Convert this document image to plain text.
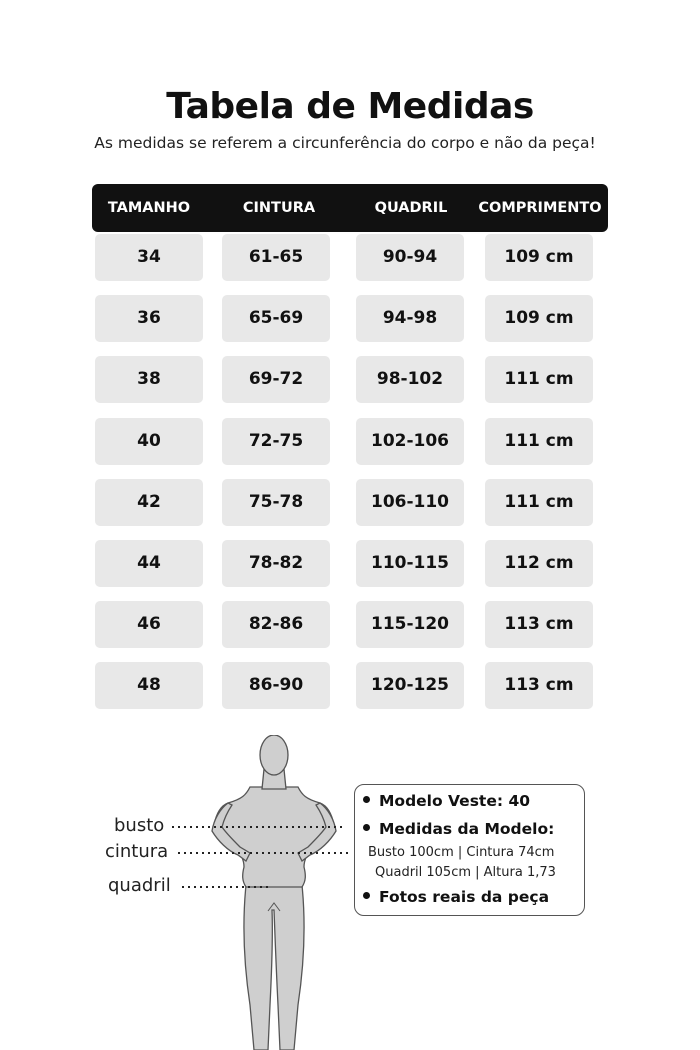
Tabela de Medidas
As medidas se referem a circunferência do corpo e não da peça!
TAMANHO	CINTURA	QUADRIL	COMPRIMENTO
34	61-65	90-94	109 cm
36	65-69	94-98	109 cm
38	69-72	98-102	111 cm
40	72-75	102-106	111 cm
42	75-78	106-110	111 cm
44	78-82	110-115	112 cm
46	82-86	115-120	113 cm
48	86-90	120-125	113 cm
busto
cintura
quadril
Modelo Veste: 40
Medidas da Modelo:
Busto 100cm | Cintura 74cm
Quadril 105cm | Altura 1,73
Fotos reais da peça
